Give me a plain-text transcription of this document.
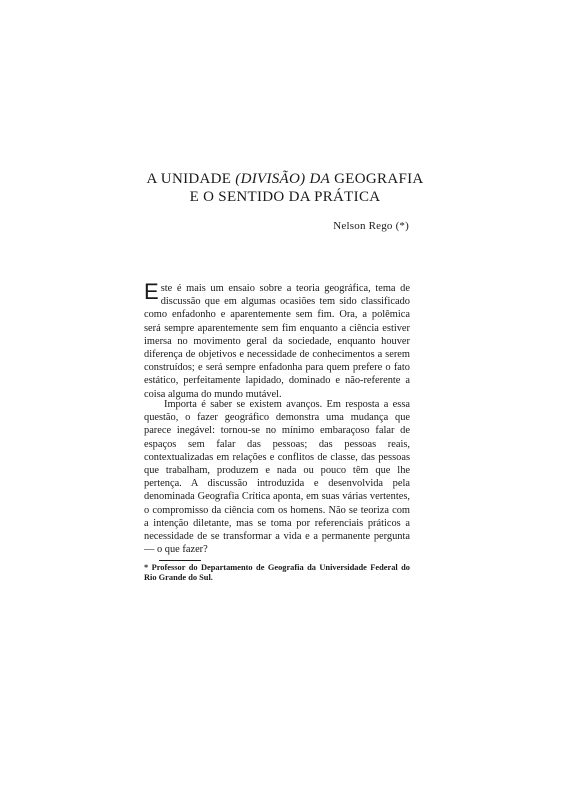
A UNIDADE (DIVISÃO) DA GEOGRAFIA
E O SENTIDO DA PRÁTICA
Nelson Rego (*)
Este é mais um ensaio sobre a teoria geográfica, tema de discussão que em algumas ocasiões tem sido classificado como enfadonho e aparentemente sem fim. Ora, a polêmica será sempre aparentemente sem fim enquanto a ciência estiver imersa no movimento geral da sociedade, enquanto houver diferença de objetivos e necessidade de conhecimentos a serem construídos; e será sempre enfadonha para quem prefere o fato estático, perfeitamente lapidado, dominado e não-referente a coisa alguma do mundo mutável.
Importa é saber se existem avanços. Em resposta a essa questão, o fazer geográfico demonstra uma mudança que parece inegável: tornou-se no mínimo embaraçoso falar de espaços sem falar das pessoas; das pessoas reais, contextualizadas em relações e conflitos de classe, das pessoas que trabalham, produzem e nada ou pouco têm que lhe pertença. A discussão introduzida e desenvolvida pela denominada Geografia Crítica aponta, em suas várias vertentes, o compromisso da ciência com os homens. Não se teoriza com a intenção diletante, mas se toma por referenciais práticos a necessidade de se transformar a vida e a permanente pergunta — o que fazer?
* Professor do Departamento de Geografia da Universidade Federal do Rio Grande do Sul.
